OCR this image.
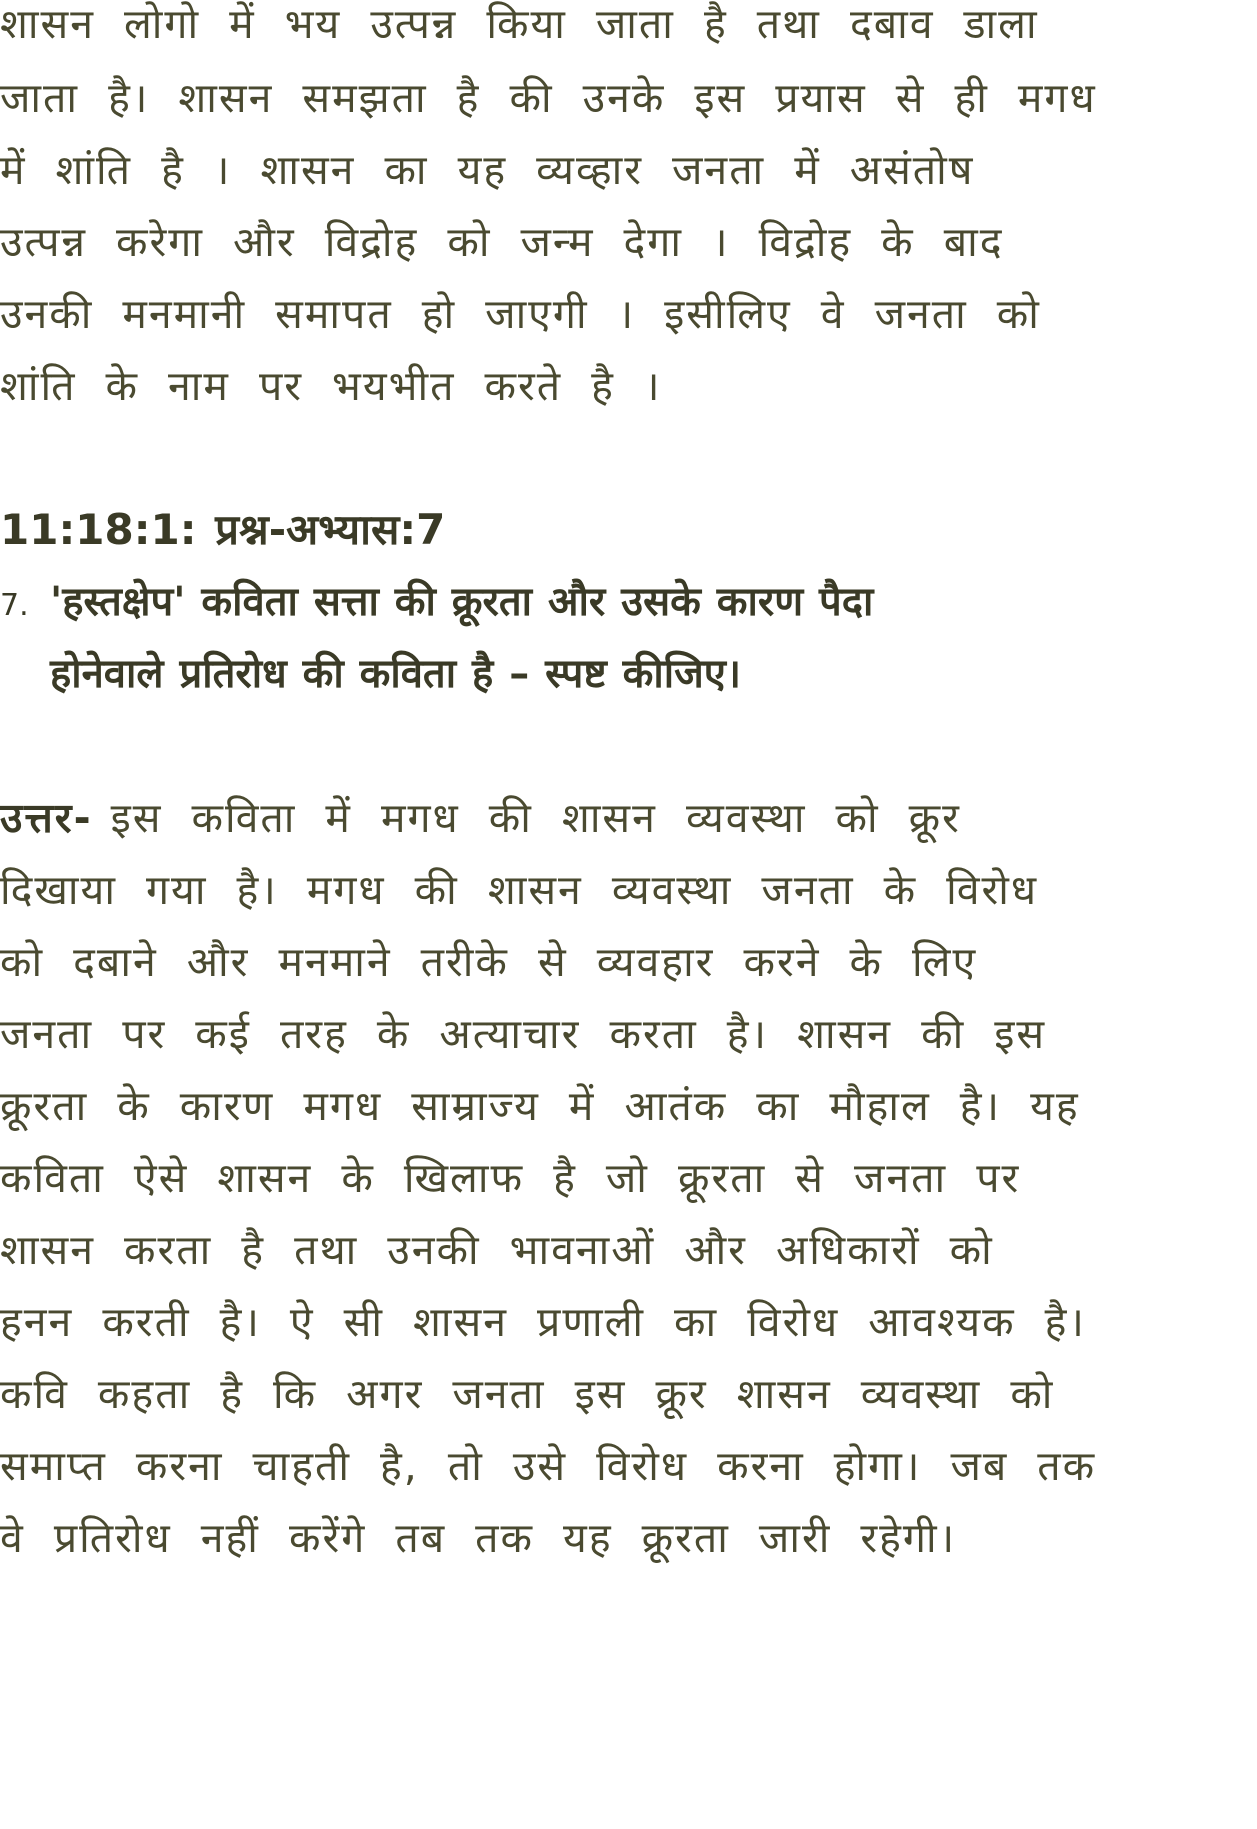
शासन लोगो में भय उत्पन्न किया जाता है तथा दबाव डाला
जाता है। शासन समझता है की उनके इस प्रयास से ही मगध
में शांति है । शासन का यह व्यव्हार जनता में असंतोष
उत्पन्न करेगा और विद्रोह को जन्म देगा । विद्रोह के बाद
उनकी मनमानी समापत हो जाएगी । इसीलिए वे जनता को
शांति के नाम पर भयभीत करते है ।
11:18:1: प्रश्न-अभ्यास:7
7. 'हस्तक्षेप' कविता सत्ता की क्रूरता और उसके कारण पैदा
होनेवाले प्रतिरोध की कविता है – स्पष्ट कीजिए।
उत्तर- इस कविता में मगध की शासन व्यवस्था को क्रूर
दिखाया गया है। मगध की शासन व्यवस्था जनता के विरोध
को दबाने और मनमाने तरीके से व्यवहार करने के लिए
जनता पर कई तरह के अत्याचार करता है। शासन की इस
क्रूरता के कारण मगध साम्राज्य में आतंक का मौहाल है। यह
कविता ऐसे शासन के खिलाफ है जो क्रूरता से जनता पर
शासन करता है तथा उनकी भावनाओं और अधिकारों को
हनन करती है। ऐ सी शासन प्रणाली का विरोध आवश्यक है।
कवि कहता है कि अगर जनता इस क्रूर शासन व्यवस्था को
समाप्त करना चाहती है, तो उसे विरोध करना होगा। जब तक
वे प्रतिरोध नहीं करेंगे तब तक यह क्रूरता जारी रहेगी।
